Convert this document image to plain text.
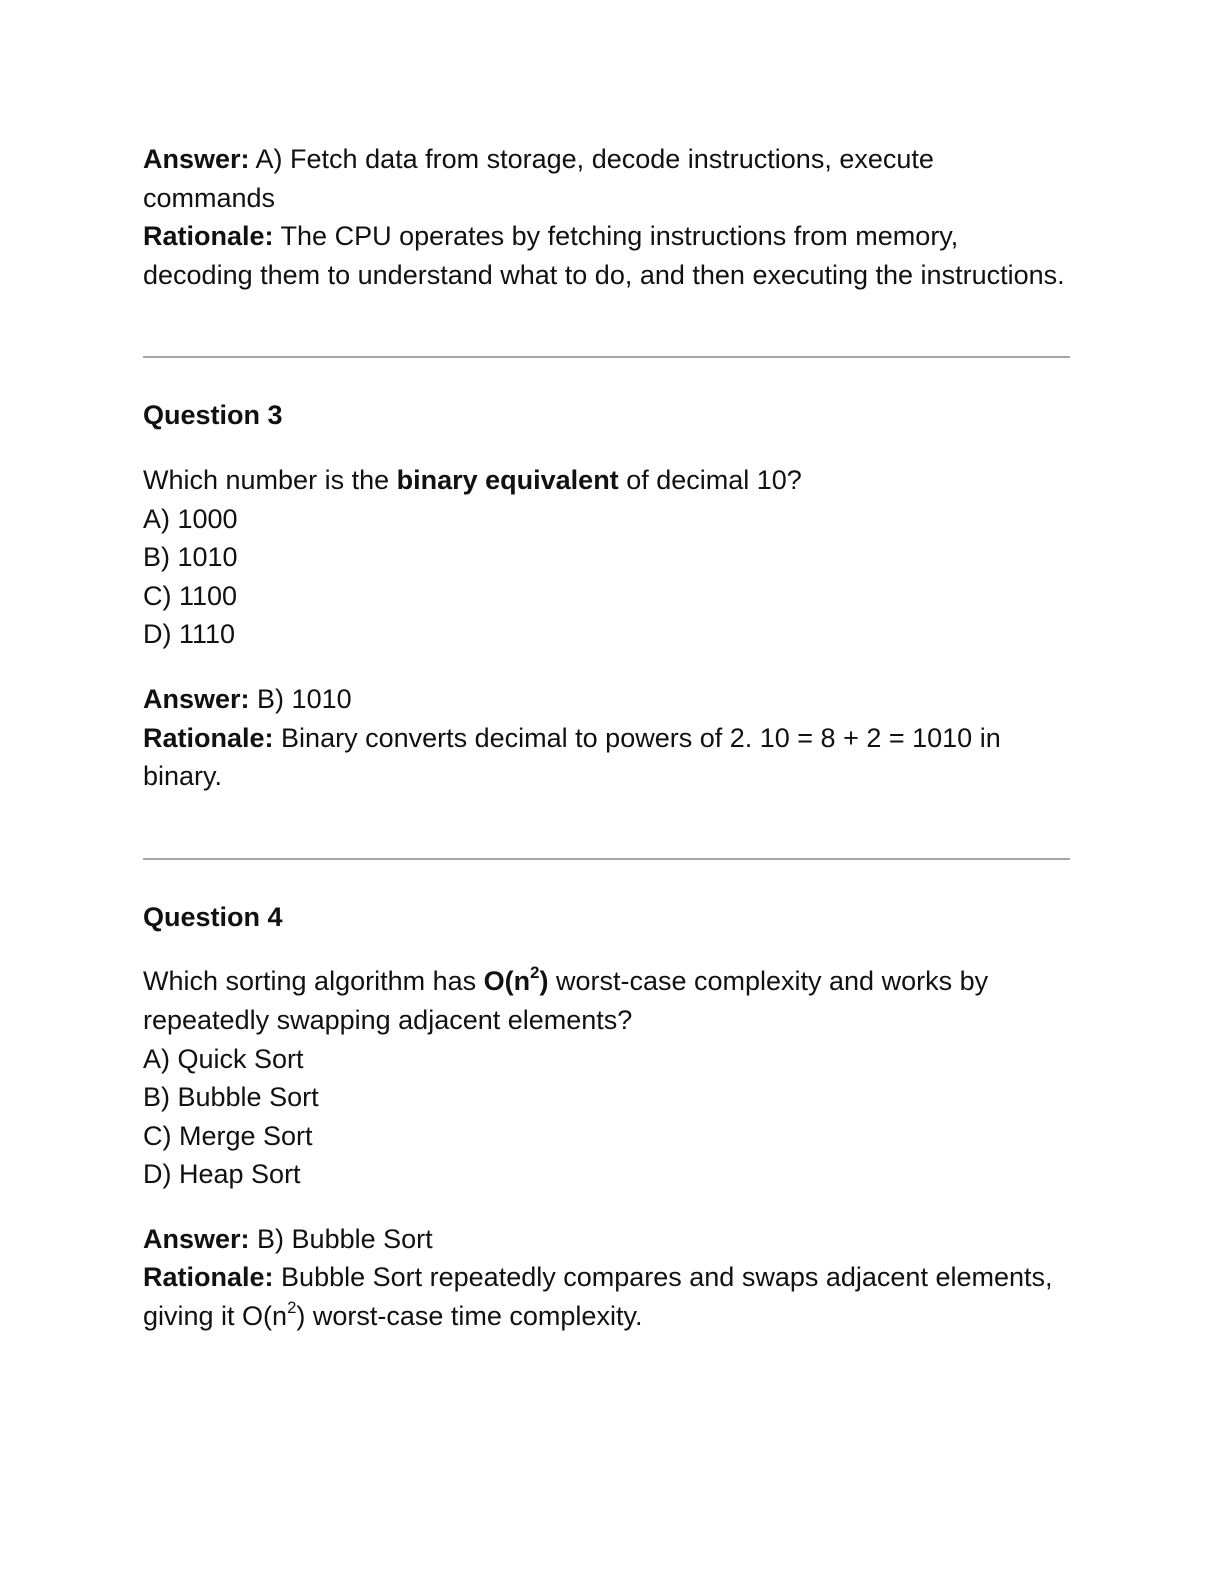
Answer: A) Fetch data from storage, decode instructions, execute commands

Rationale: The CPU operates by fetching instructions from memory, decoding them to understand what to do, and then executing the instructions.

Question 3

Which number is the binary equivalent of decimal 10?

A) 1000

B) 1010

C) 1100

D) 1110

Answer: B) 1010

Rationale: Binary converts decimal to powers of 2. 10 = 8 + 2 = 1010 in binary.

Question 4

Which sorting algorithm has $O(n^2)$ worst-case complexity and works by repeatedly swapping adjacent elements?

A) Quick Sort

B) Bubble Sort

C) Merge Sort

D) Heap Sort

Answer: B) Bubble Sort

Rationale: Bubble Sort repeatedly compares and swaps adjacent elements, giving it $O(n^2)$ worst-case time complexity.
